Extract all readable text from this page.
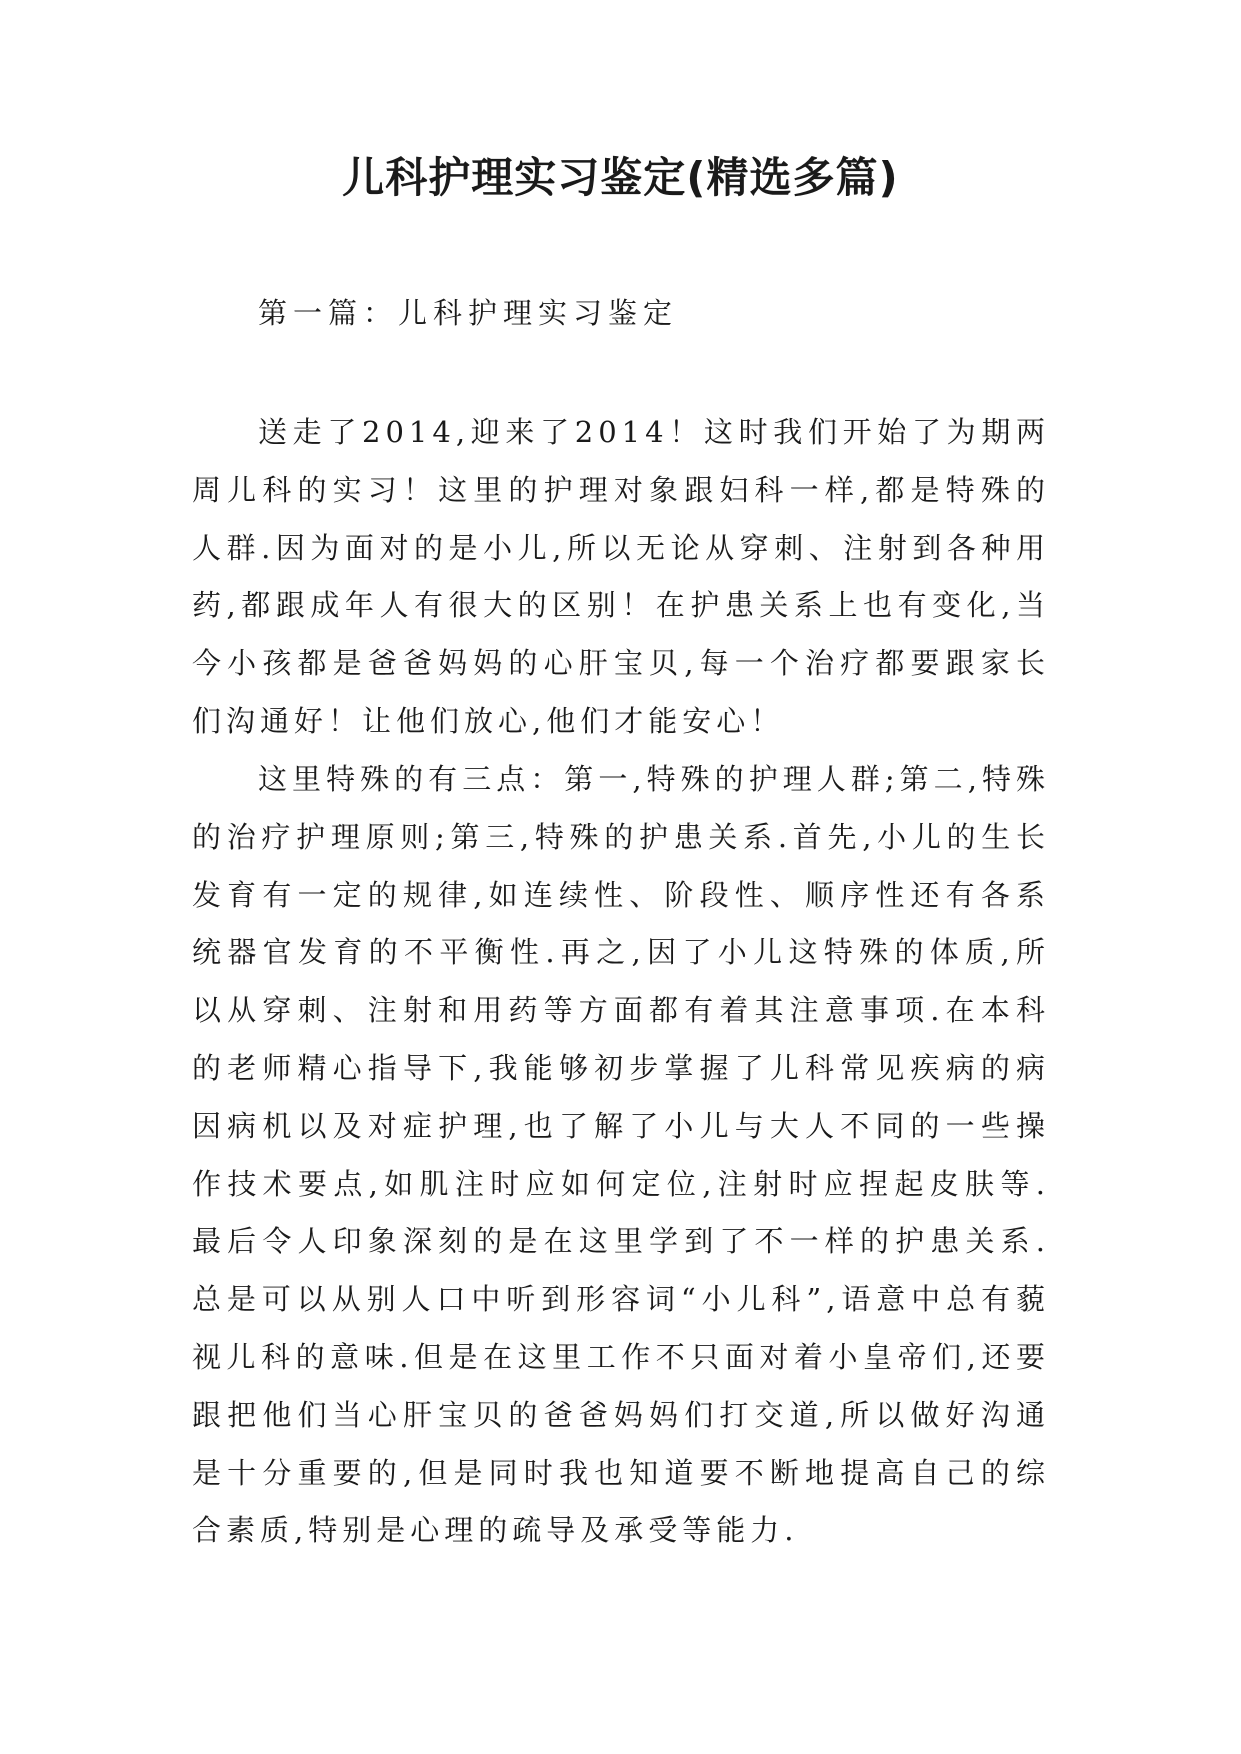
儿科护理实习鉴定(精选多篇)

第一篇：儿科护理实习鉴定

送走了2014,迎来了2014！这时我们开始了为期两周儿科的实习！这里的护理对象跟妇科一样,都是特殊的人群.因为面对的是小儿,所以无论从穿刺、注射到各种用药,都跟成年人有很大的区别！在护患关系上也有变化,当今小孩都是爸爸妈妈的心肝宝贝,每一个治疗都要跟家长们沟通好！让他们放心,他们才能安心！

这里特殊的有三点：第一,特殊的护理人群;第二,特殊的治疗护理原则;第三,特殊的护患关系.首先,小儿的生长发育有一定的规律,如连续性、阶段性、顺序性还有各系统器官发育的不平衡性.再之,因了小儿这特殊的体质,所以从穿刺、注射和用药等方面都有着其注意事项.在本科的老师精心指导下,我能够初步掌握了儿科常见疾病的病因病机以及对症护理,也了解了小儿与大人不同的一些操作技术要点,如肌注时应如何定位,注射时应捏起皮肤等.最后令人印象深刻的是在这里学到了不一样的护患关系.总是可以从别人口中听到形容词“小儿科”,语意中总有藐视儿科的意味.但是在这里工作不只面对着小皇帝们,还要跟把他们当心肝宝贝的爸爸妈妈们打交道,所以做好沟通是十分重要的,但是同时我也知道要不断地提高自己的综合素质,特别是心理的疏导及承受等能力.
